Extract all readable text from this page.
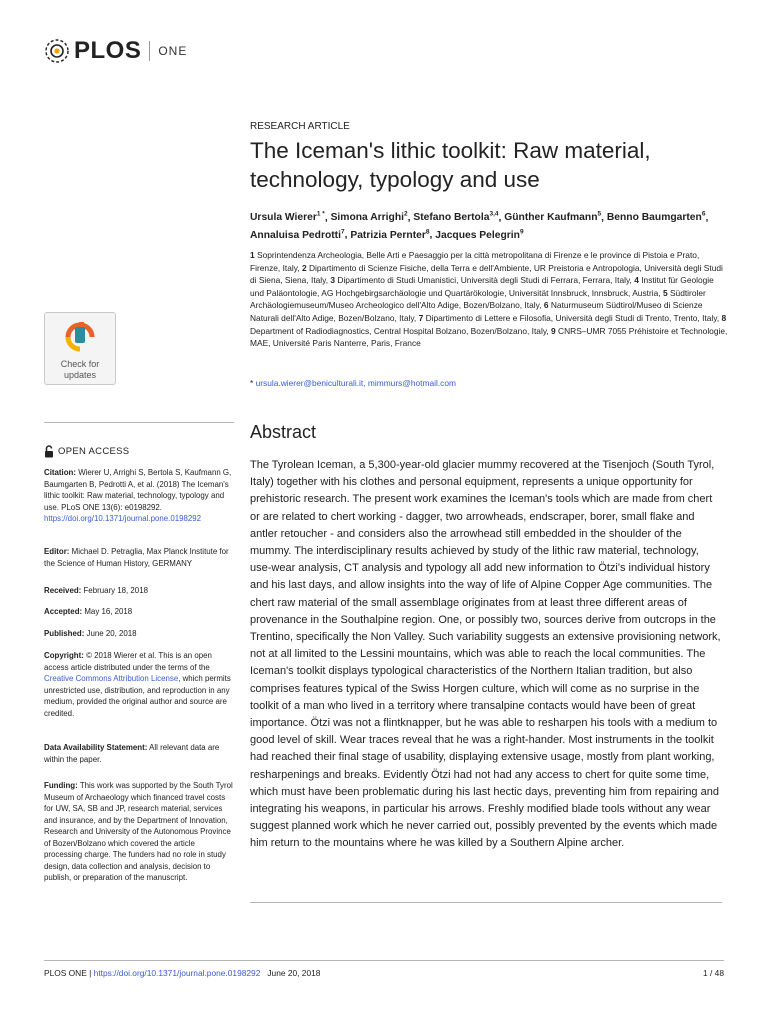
PLOS ONE
Check for
updates
RESEARCH ARTICLE
The Iceman's lithic toolkit: Raw material, technology, typology and use
Ursula Wierer$^{1 *}$, Simona Arrighi$^2$, Stefano Bertola$^{3,4}$, Günther Kaufmann$^5$, Benno Baumgarten$^6$, Annaluisa Pedrotti$^7$, Patrizia Pernter$^8$, Jacques Pelegrin$^9$
1 Soprintendenza Archeologia, Belle Arti e Paesaggio per la città metropolitana di Firenze e le province di Pistoia e Prato, Firenze, Italy, 2 Dipartimento di Scienze Fisiche, della Terra e dell'Ambiente, UR Preistoria e Antropologia, Università degli Studi di Siena, Siena, Italy, 3 Dipartimento di Studi Umanistici, Università degli Studi di Ferrara, Ferrara, Italy, 4 Institut für Geologie und Paläontologie, AG Hochgebirgsarchäologie und Quartärökologie, Universität Innsbruck, Innsbruck, Austria, 5 Südtiroler Archäologiemuseum/Museo Archeologico dell'Alto Adige, Bozen/Bolzano, Italy, 6 Naturmuseum Südtirol/Museo di Scienze Naturali dell'Alto Adige, Bozen/Bolzano, Italy, 7 Dipartimento di Lettere e Filosofia, Università degli Studi di Trento, Trento, Italy, 8 Department of Radiodiagnostics, Central Hospital Bolzano, Bozen/Bolzano, Italy, 9 CNRS–UMR 7055 Préhistoire et Technologie, MAE, Université Paris Nanterre, Paris, France
* ursula.wierer@beniculturali.it, mimmurs@hotmail.com
OPEN ACCESS

Citation: Wierer U, Arrighi S, Bertola S, Kaufmann G, Baumgarten B, Pedrotti A, et al. (2018) The Iceman's lithic toolkit: Raw material, technology, typology and use. PLoS ONE 13(6): e0198292. https://doi.org/10.1371/journal.pone.0198292

Editor: Michael D. Petraglia, Max Planck Institute for the Science of Human History, GERMANY

Received: February 18, 2018

Accepted: May 16, 2018

Published: June 20, 2018

Copyright: © 2018 Wierer et al. This is an open access article distributed under the terms of the Creative Commons Attribution License, which permits unrestricted use, distribution, and reproduction in any medium, provided the original author and source are credited.

Data Availability Statement: All relevant data are within the paper.

Funding: This work was supported by the South Tyrol Museum of Archaeology which financed travel costs for UW, SA, SB and JP, research material, services and insurance, and by the Department of Innovation, Research and University of the Autonomous Province of Bozen/Bolzano which covered the article processing charge. The funders had no role in study design, data collection and analysis, decision to publish, or preparation of the manuscript.

Abstract

The Tyrolean Iceman, a 5,300-year-old glacier mummy recovered at the Tisenjoch (South Tyrol, Italy) together with his clothes and personal equipment, represents a unique opportunity for prehistoric research. The present work examines the Iceman's tools which are made from chert or are related to chert working - dagger, two arrowheads, endscraper, borer, small flake and antler retoucher - and considers also the arrowhead still embedded in the shoulder of the mummy. The interdisciplinary results achieved by study of the lithic raw material, technology, use-wear analysis, CT analysis and typology all add new information to Ötzi's individual history and his last days, and allow insights into the way of life of Alpine Copper Age communities. The chert raw material of the small assemblage originates from at least three different areas of provenance in the Southalpine region. One, or possibly two, sources derive from outcrops in the Trentino, specifically the Non Valley. Such variability suggests an extensive provisioning network, not at all limited to the Lessini mountains, which was able to reach the local communities. The Iceman's toolkit displays typological characteristics of the Northern Italian tradition, but also comprises features typical of the Swiss Horgen culture, which will come as no surprise in the toolkit of a man who lived in a territory where transalpine contacts would have been of great importance. Ötzi was not a flintknapper, but he was able to resharpen his tools with a medium to good level of skill. Wear traces reveal that he was a right-hander. Most instruments in the toolkit had reached their final stage of usability, displaying extensive usage, mostly from plant working, resharpenings and breaks. Evidently Ötzi had not had any access to chert for quite some time, which must have been problematic during his last hectic days, preventing him from repairing and integrating his weapons, in particular his arrows. Freshly modified blade tools without any wear suggest planned work which he never carried out, possibly prevented by the events which made him return to the mountains where he was killed by a Southern Alpine archer.

PLOS ONE | https://doi.org/10.1371/journal.pone.0198292 June 20, 2018	1 / 48
